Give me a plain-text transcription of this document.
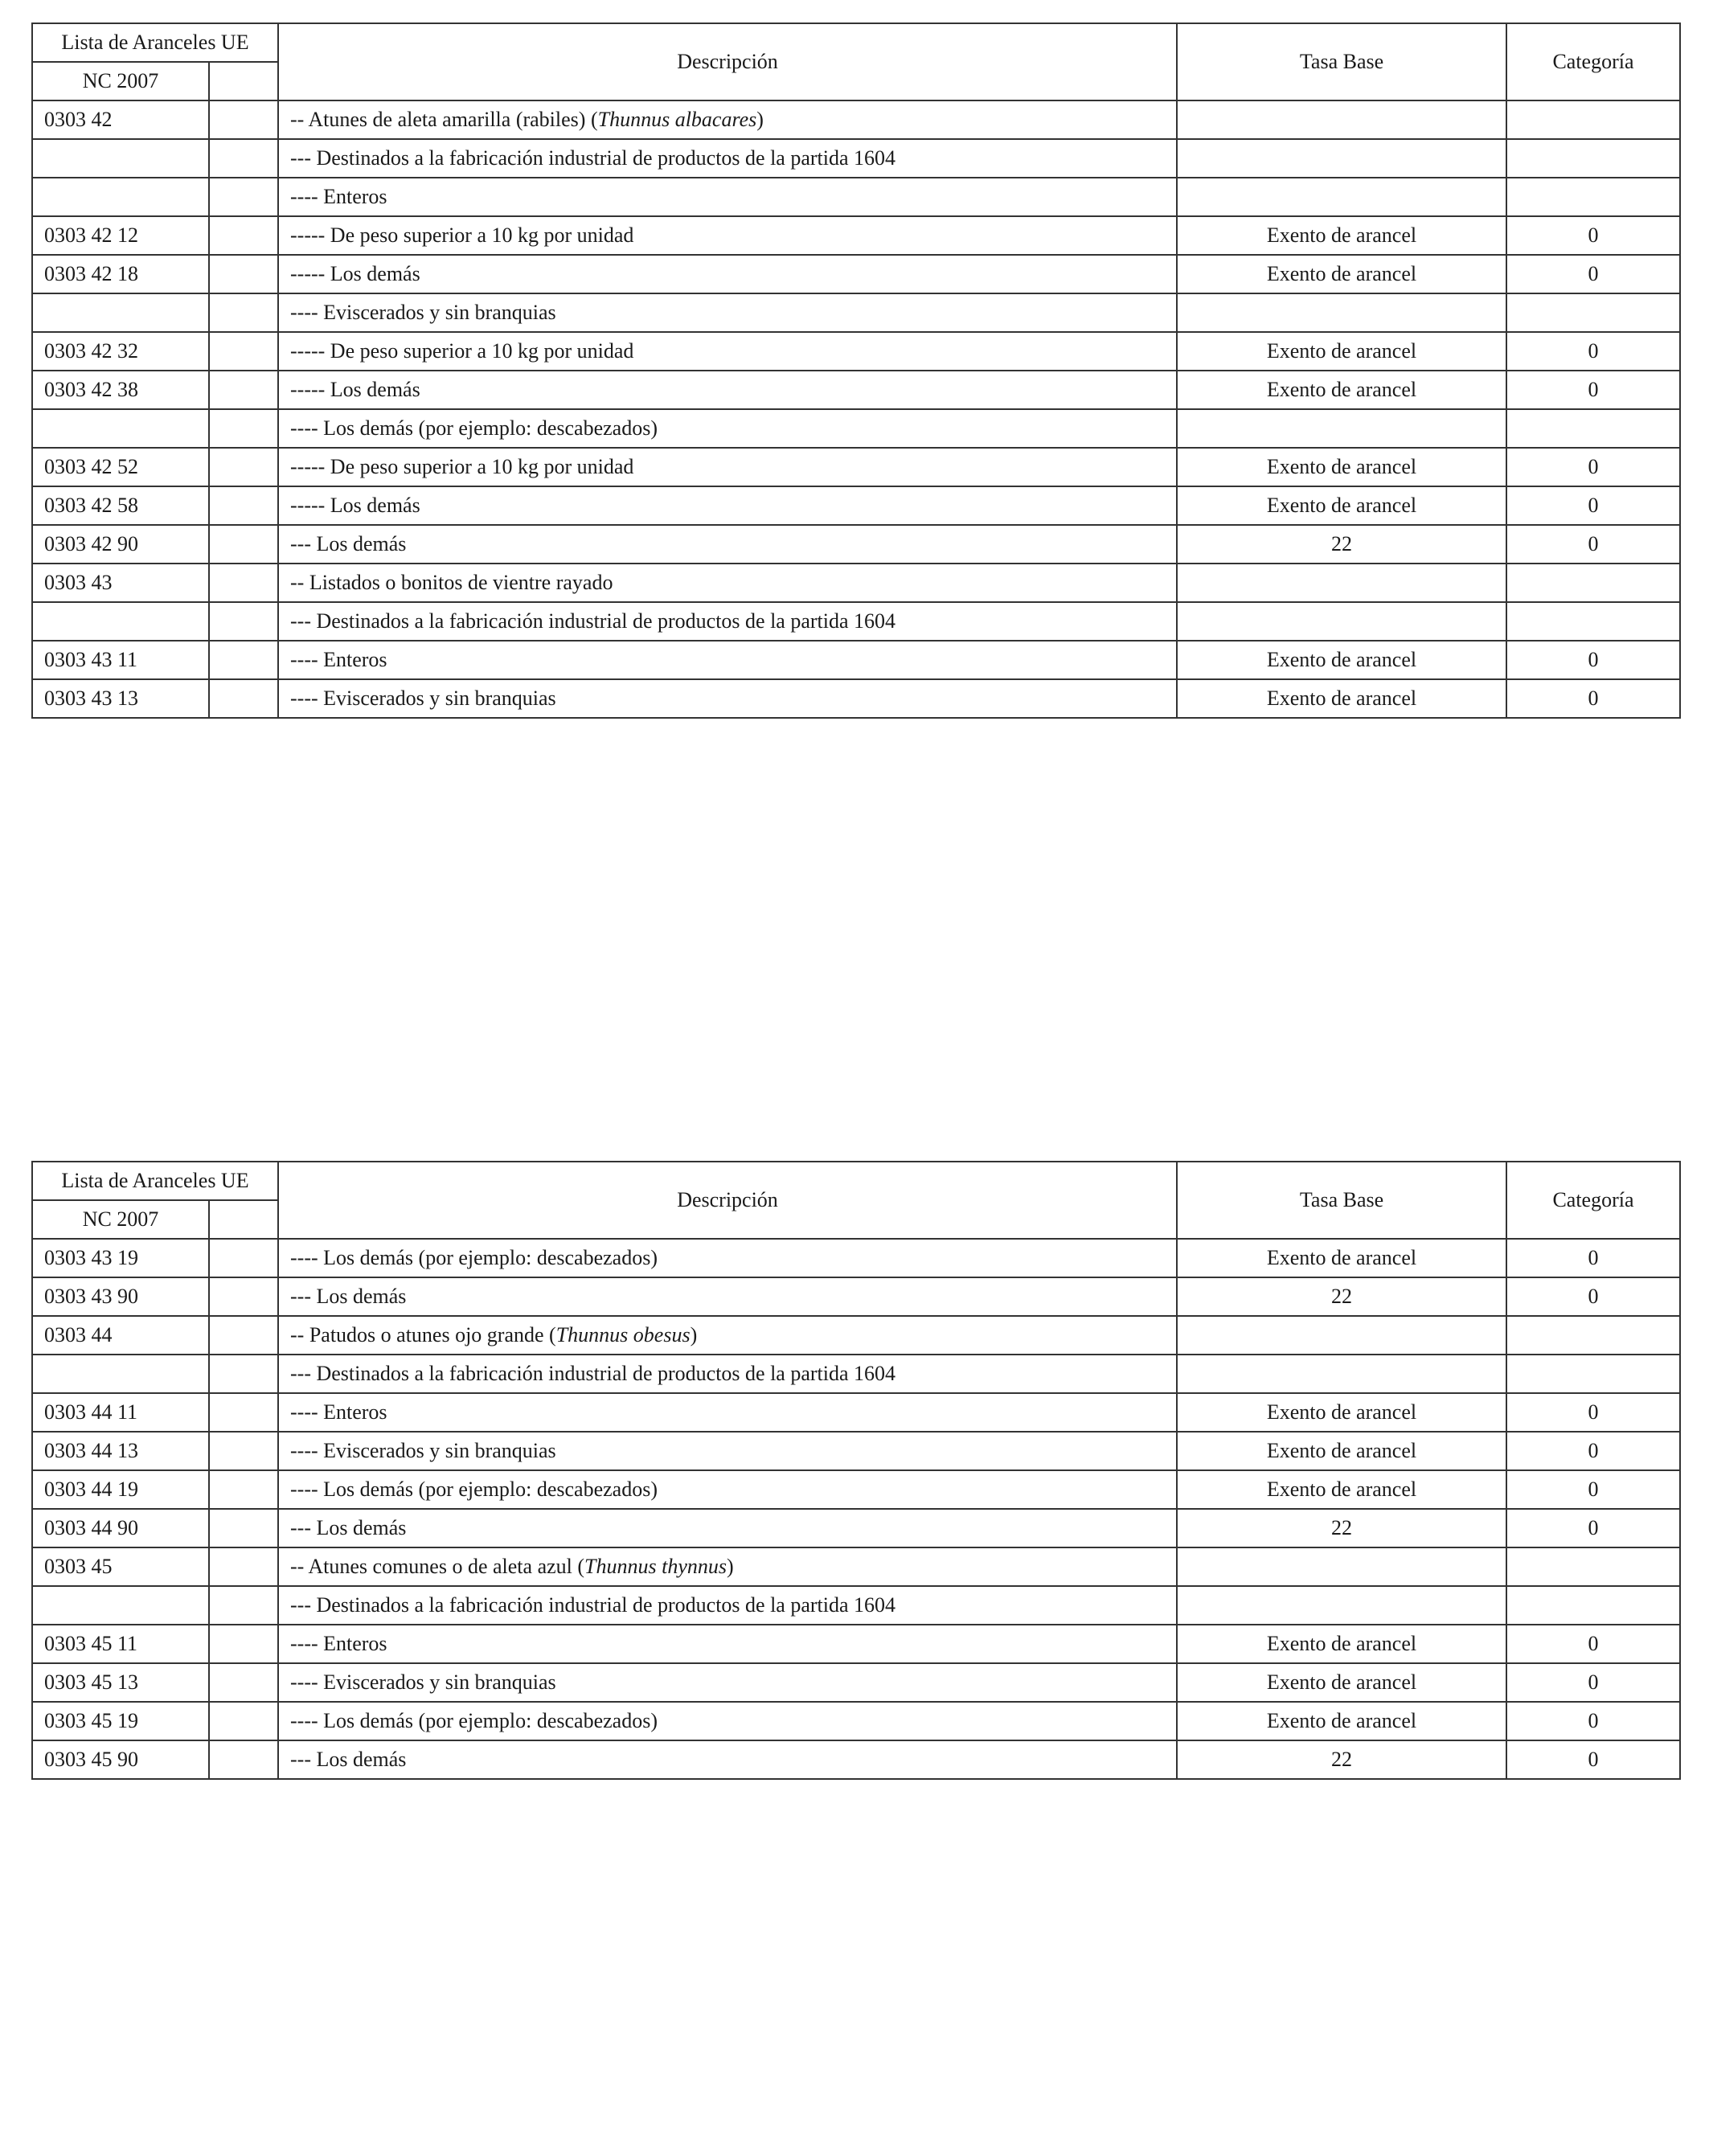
Lista de Aranceles UE		Descripción	Tasa Base	Categoría
NC 2007				
0303 42		-- Atunes de aleta amarilla (rabiles) (Thunnus albacares)		
		--- Destinados a la fabricación industrial de productos de la partida 1604		
		---- Enteros		
0303 42 12		----- De peso superior a 10 kg por unidad	Exento de arancel	0
0303 42 18		----- Los demás	Exento de arancel	0
		---- Eviscerados y sin branquias		
0303 42 32		----- De peso superior a 10 kg por unidad	Exento de arancel	0
0303 42 38		----- Los demás	Exento de arancel	0
		---- Los demás (por ejemplo: descabezados)		
0303 42 52		----- De peso superior a 10 kg por unidad	Exento de arancel	0
0303 42 58		----- Los demás	Exento de arancel	0
0303 42 90		--- Los demás	22	0
0303 43		-- Listados o bonitos de vientre rayado		
		--- Destinados a la fabricación industrial de productos de la partida 1604		
0303 43 11		---- Enteros	Exento de arancel	0
0303 43 13		---- Eviscerados y sin branquias	Exento de arancel	0
Lista de Aranceles UE		Descripción	Tasa Base	Categoría
NC 2007				
0303 43 19		---- Los demás (por ejemplo: descabezados)	Exento de arancel	0
0303 43 90		--- Los demás	22	0
0303 44		-- Patudos o atunes ojo grande (Thunnus obesus)		
		--- Destinados a la fabricación industrial de productos de la partida 1604		
0303 44 11		---- Enteros	Exento de arancel	0
0303 44 13		---- Eviscerados y sin branquias	Exento de arancel	0
0303 44 19		---- Los demás (por ejemplo: descabezados)	Exento de arancel	0
0303 44 90		--- Los demás	22	0
0303 45		-- Atunes comunes o de aleta azul (Thunnus thynnus)		
		--- Destinados a la fabricación industrial de productos de la partida 1604		
0303 45 11		---- Enteros	Exento de arancel	0
0303 45 13		---- Eviscerados y sin branquias	Exento de arancel	0
0303 45 19		---- Los demás (por ejemplo: descabezados)	Exento de arancel	0
0303 45 90		--- Los demás	22	0
